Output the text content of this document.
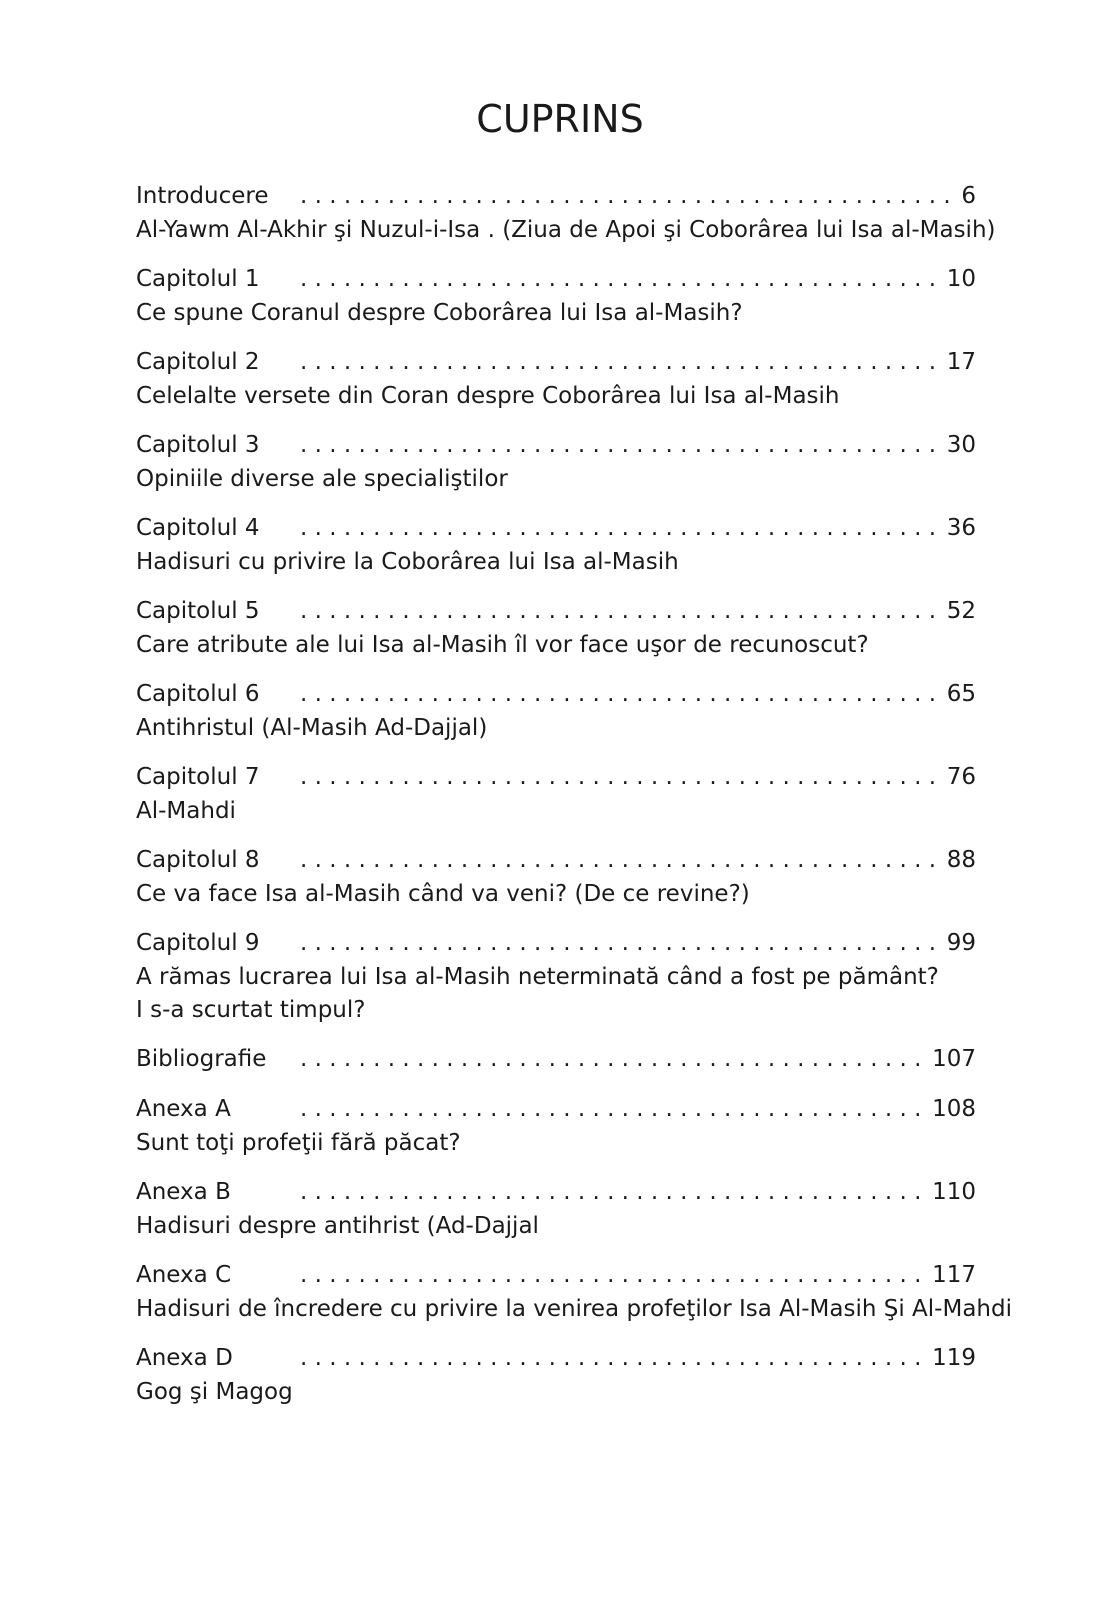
CUPRINS
Introducere . . .	6
Al-Yawm Al-Akhir şi Nuzul-i-Isa . (Ziua de Apoi şi Coborârea lui Isa al-Masih)
Capitolul 1 . . .	10
Ce spune Coranul despre Coborârea lui Isa al-Masih?
Capitolul 2 . . .	17
Celelalte versete din Coran despre Coborârea lui Isa al-Masih
Capitolul 3 . . .	30
Opiniile diverse ale specialiştilor
Capitolul 4 . . .	36
Hadisuri cu privire la Coborârea lui Isa al-Masih
Capitolul 5 . . .	52
Care atribute ale lui Isa al-Masih îl vor face uşor de recunoscut?
Capitolul 6 . . .	65
Antihristul (Al-Masih Ad-Dajjal)
Capitolul 7 . . .	76
Al-Mahdi
Capitolul 8 . . .	88
Ce va face Isa al-Masih când va veni? (De ce revine?)
Capitolul 9 . . .	99
A rămas lucrarea lui Isa al-Masih neterminată când a fost pe pământ?
I s-a scurtat timpul?
Bibliografie . . .	107
Anexa A . . .	108
Sunt toţi profeţii fără păcat?
Anexa B . . .	110
Hadisuri despre antihrist (Ad-Dajjal
Anexa C . . .	117
Hadisuri de încredere cu privire la venirea profeţilor Isa Al-Masih Şi Al-Mahdi
Anexa D . . .	119
Gog şi Magog
